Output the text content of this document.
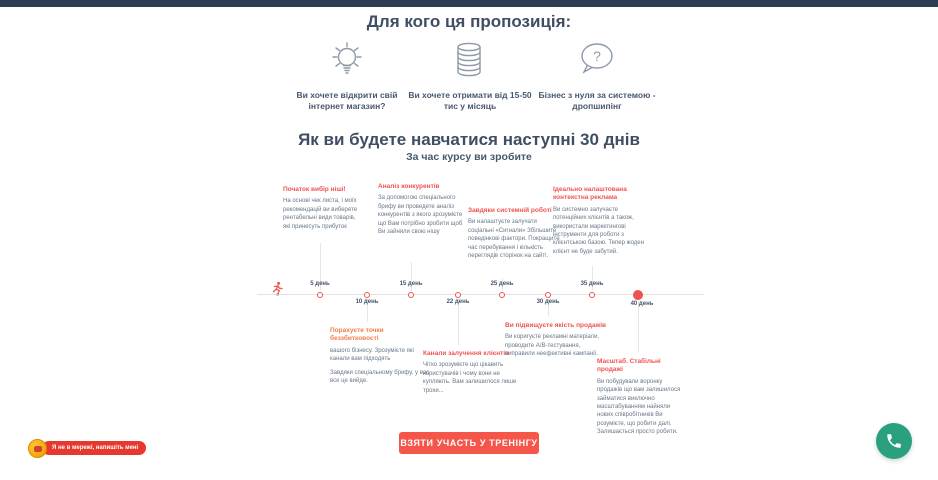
Для кого ця пропозиція:
Ви хочете відкрити свій інтернет магазин?
Ви хочете отримати від 15-50 тис у місяць
?
Бізнес з нуля за системою - дропшипінг
Як ви будете навчатися наступні 30 днів
За час курсу ви зробите
5 день
10 день
15 день
22 день
25 день
30 день
35 день
40 день
Початок вибір ніші!
На основі чек листа, і моїх рекомендацій ви виберете рентабельні види товарів, які принесуть прибуток
Аналіз конкурентів
За допомогою спеціального брифу ви проведете аналіз конкурентів з якого зрозумієте що Вам потрібно зробити щоб Ви зайняли свою нішу
Завдяки системній роботі
Ви налаштуєте залучати соціальні «Сигнали» Збільшите поведінкові фактори. Покращите час перебування і кількість переглядів сторінок на сайті.
Ідеально налаштована контекстна реклама
Ви системно залучаєте потенційних клієнтів а також, використали маркетингові інструменти для роботи з клієнтською базою. Тепер жоден клієнт не буде забутий.
Порахуєте точки беззбитковості
вашого бізнесу. Зрозумієте які канали вам підходять
Завдяки спеціальному брифу, у вас все це вийде.
Канали залучення клієнтів
Чітко зрозумієте що цікавить користувачів і чому вони не купляють. Вам залишилося лише трохи...
Ви підвищуєте якість продажів
Ви коригуєте рекламні матеріали, проводите А/В-тестування, виправили неефективні кампанії.
Масштаб. Стабільні продажі
Ви побудували воронку продажів що вам залишилося займатися виключно масштабуванням найняли нових співробітників Ви розумієте, що робити далі. Залишається просто робити.
ВЗЯТИ УЧАСТЬ У ТРЕНІНГУ
Я не в мережі, напишіть мені
